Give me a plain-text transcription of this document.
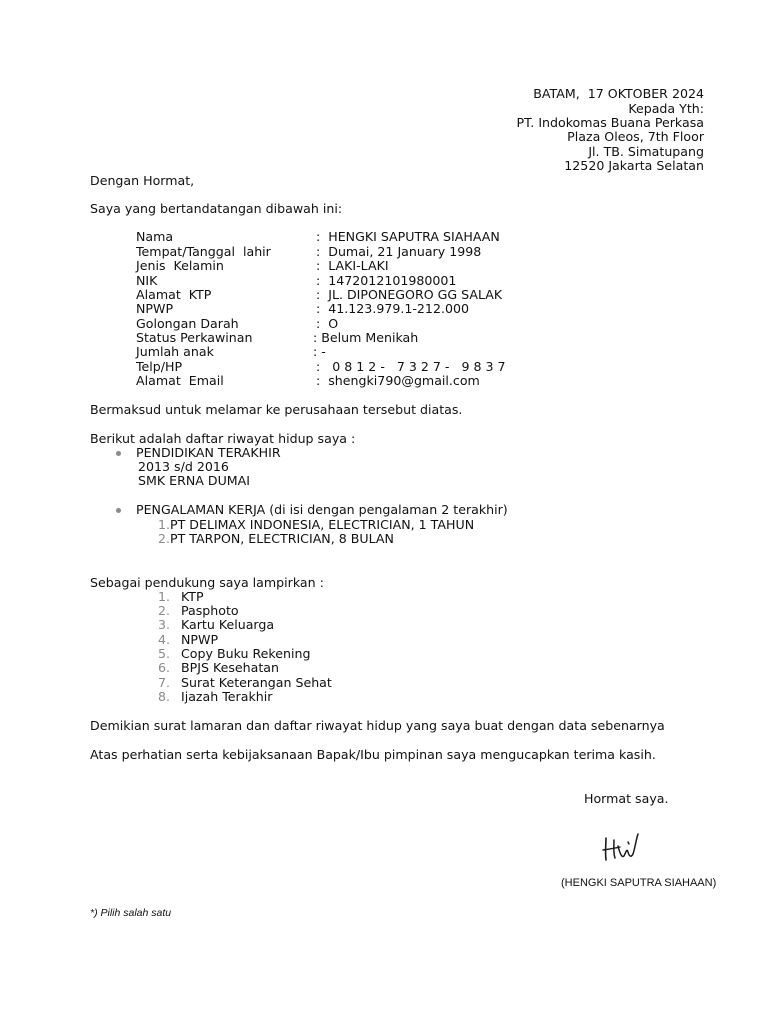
BATAM,  17 OKTOBER 2024
Kepada Yth:
PT. Indokomas Buana Perkasa
Plaza Oleos, 7th Floor
Jl. TB. Simatupang
12520 Jakarta Selatan
Dengan Hormat,
Saya yang bertandatangan dibawah ini:
Nama	:  HENGKI SAPUTRA SIAHAAN
Tempat/Tanggal  lahir	:  Dumai, 21 January 1998
Jenis  Kelamin	:  LAKI-LAKI
NIK	:  1472012101980001
Alamat  KTP	:  JL. DIPONEGORO GG SALAK
NPWP	:  41.123.979.1-212.000
Golongan Darah	:  O
Status Perkawinan	: Belum Menikah
Jumlah anak	: -
Telp/HP	:   0 8 1 2 -   7 3 2 7 -   9 8 3 7
Alamat  Email	:  shengki790@gmail.com
Bermaksud untuk melamar ke perusahaan tersebut diatas.
Berikut adalah daftar riwayat hidup saya :
PENDIDIKAN TERAKHIR
2013 s/d 2016
SMK ERNA DUMAI
PENGALAMAN KERJA (di isi dengan pengalaman 2 terakhir)
1. PT DELIMAX INDONESIA, ELECTRICIAN, 1 TAHUN
2. PT TARPON, ELECTRICIAN, 8 BULAN
Sebagai pendukung saya lampirkan :
1. KTP
2. Pasphoto
3. Kartu Keluarga
4. NPWP
5. Copy Buku Rekening
6. BPJS Kesehatan
7. Surat Keterangan Sehat
8. Ijazah Terakhir
Demikian surat lamaran dan daftar riwayat hidup yang saya buat dengan data sebenarnya
Atas perhatian serta kebijaksanaan Bapak/Ibu pimpinan saya mengucapkan terima kasih.
Hormat saya.
(HENGKI SAPUTRA SIAHAAN)
*) Pilih salah satu
